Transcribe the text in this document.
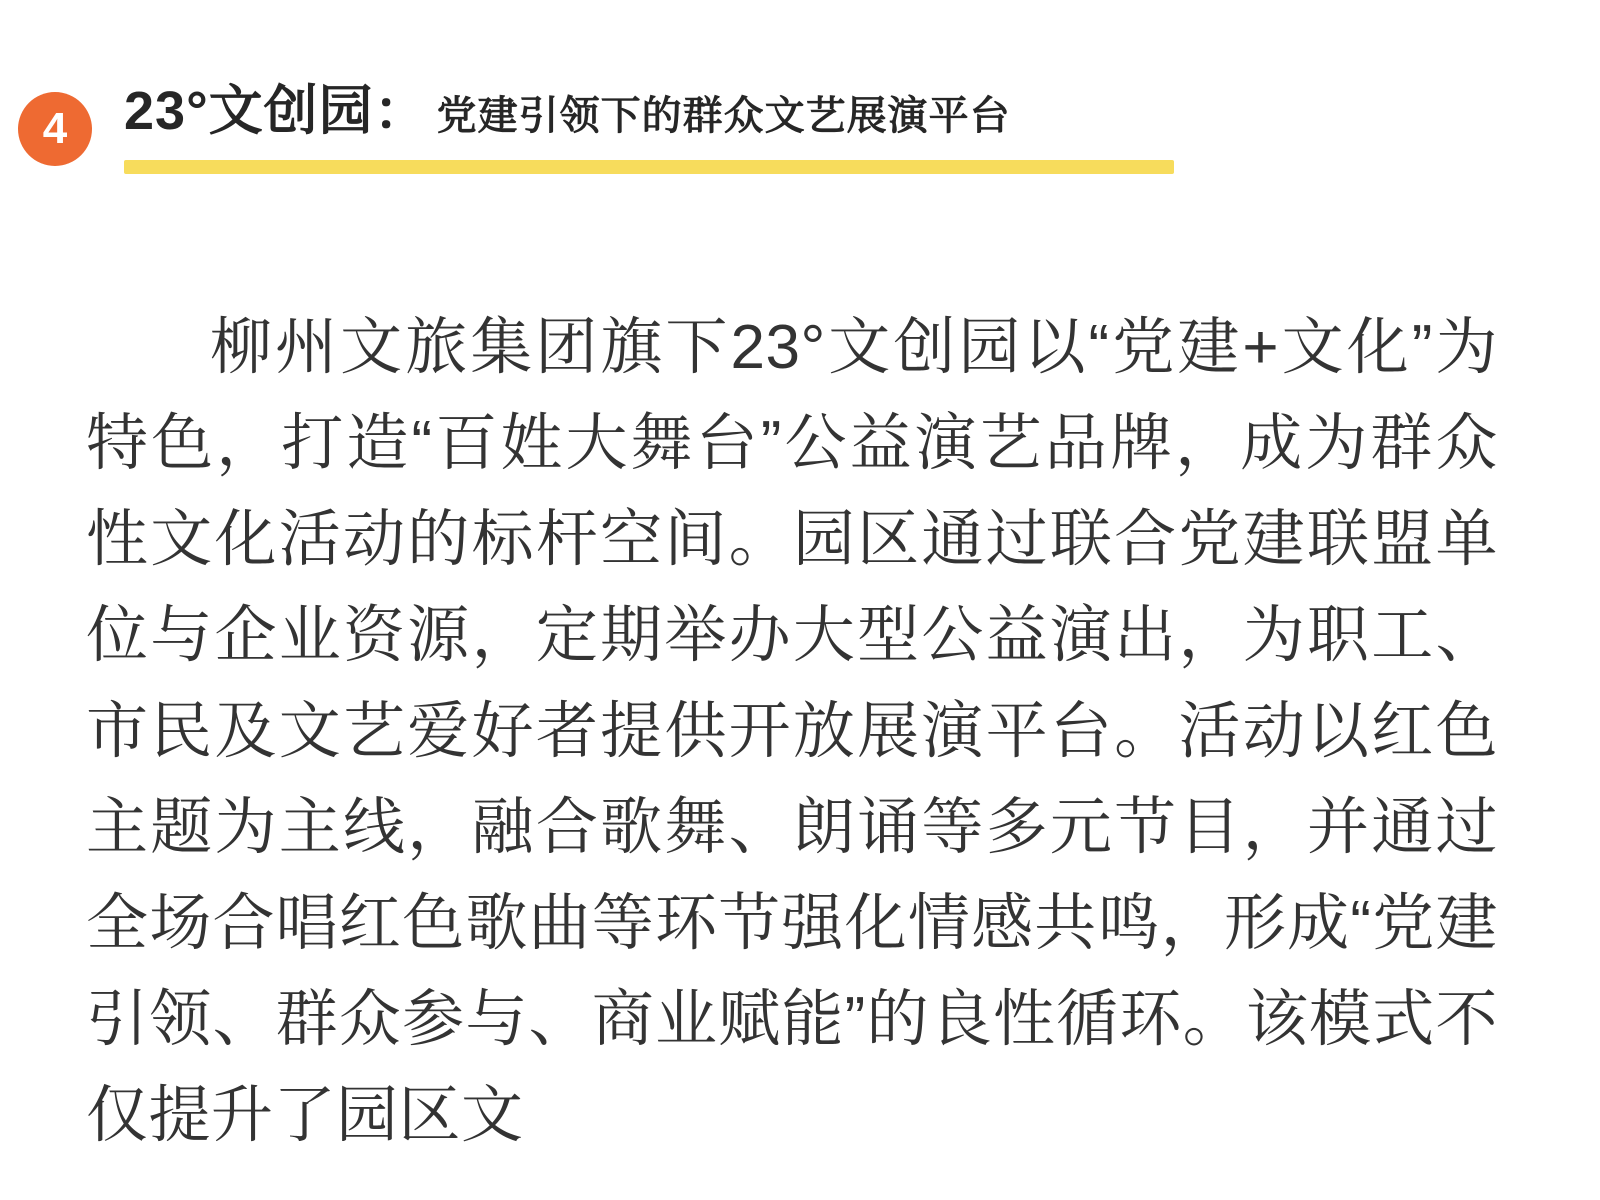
4	23°文创园： 党建引领下的群众文艺展演平台
柳州文旅集团旗下23°文创园以“党建+文化”为特色，打造“百姓大舞台”公益演艺品牌，成为群众性文化活动的标杆空间。园区通过联合党建联盟单位与企业资源，定期举办大型公益演出，为职工、市民及文艺爱好者提供开放展演平台。活动以红色主题为主线，融合歌舞、朗诵等多元节目，并通过全场合唱红色歌曲等环节强化情感共鸣，形成“党建引领、群众参与、商业赋能”的良性循环。该模式不仅提升了园区文
